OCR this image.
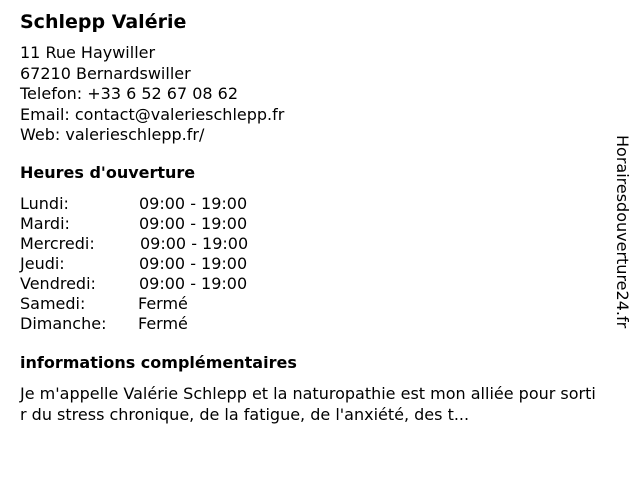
Schlepp Valérie
11 Rue Haywiller
67210 Bernardswiller
Telefon: +33 6 52 67 08 62
Email: contact@valerieschlepp.fr
Web: valerieschlepp.fr/
Heures d'ouverture
Lundi:	09:00 - 19:00
Mardi:	09:00 - 19:00
Mercredi:	09:00 - 19:00
Jeudi:	09:00 - 19:00
Vendredi:	09:00 - 19:00
Samedi:	Fermé
Dimanche: Fermé
informations complémentaires
Je m'appelle Valérie Schlepp et la naturopathie est mon alliée pour sortir du stress chronique, de la fatigue, de l'anxiété, des t...
Horairesdouverture24.fr
